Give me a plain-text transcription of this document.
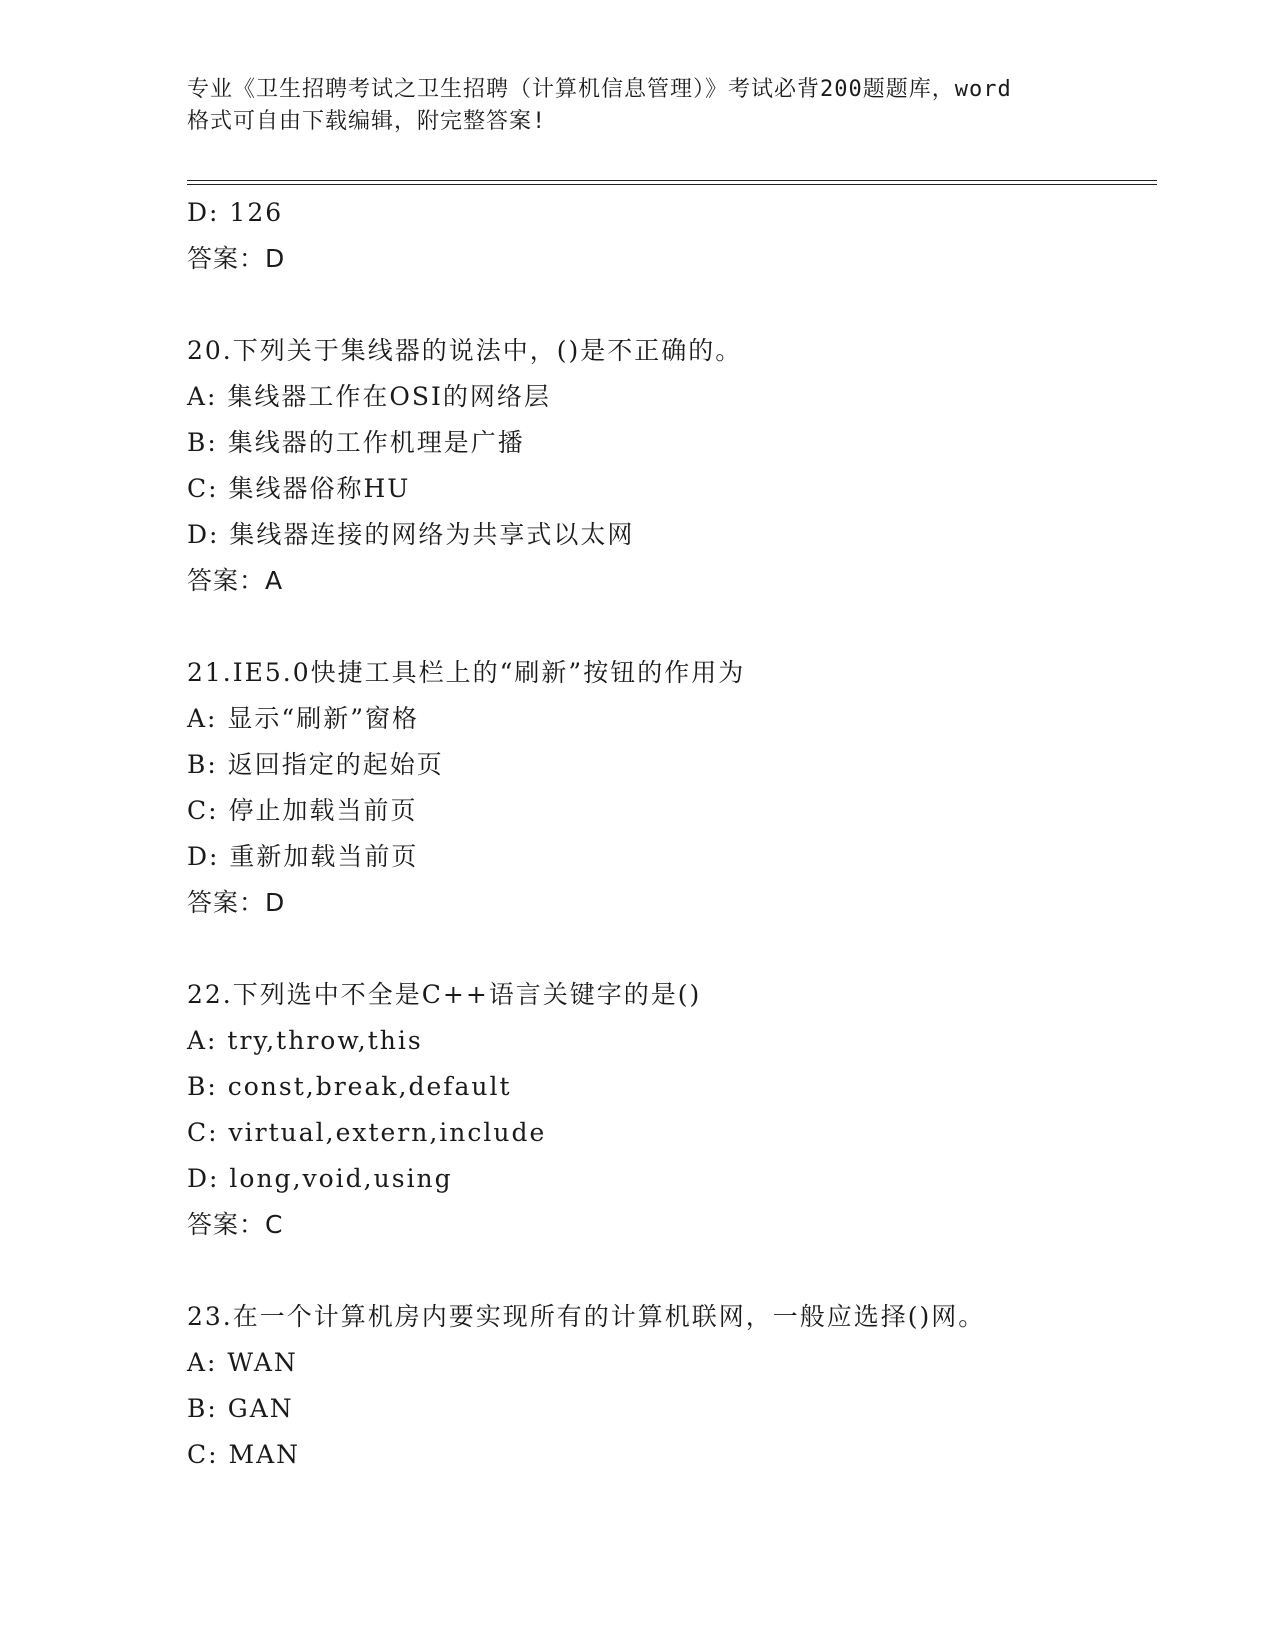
专业《卫生招聘考试之卫生招聘（计算机信息管理）》考试必背200题题库，word
格式可自由下载编辑，附完整答案!
D: 126
答案：D
20.下列关于集线器的说法中，()是不正确的。
A: 集线器工作在OSI的网络层
B: 集线器的工作机理是广播
C: 集线器俗称HU
D: 集线器连接的网络为共享式以太网
答案：A
21.IE5.0快捷工具栏上的“刷新”按钮的作用为
A: 显示“刷新”窗格
B: 返回指定的起始页
C: 停止加载当前页
D: 重新加载当前页
答案：D
22.下列选中不全是C++语言关键字的是()
A: try,throw,this
B: const,break,default
C: virtual,extern,include
D: long,void,using
答案：C
23.在一个计算机房内要实现所有的计算机联网，一般应选择()网。
A: WAN
B: GAN
C: MAN
